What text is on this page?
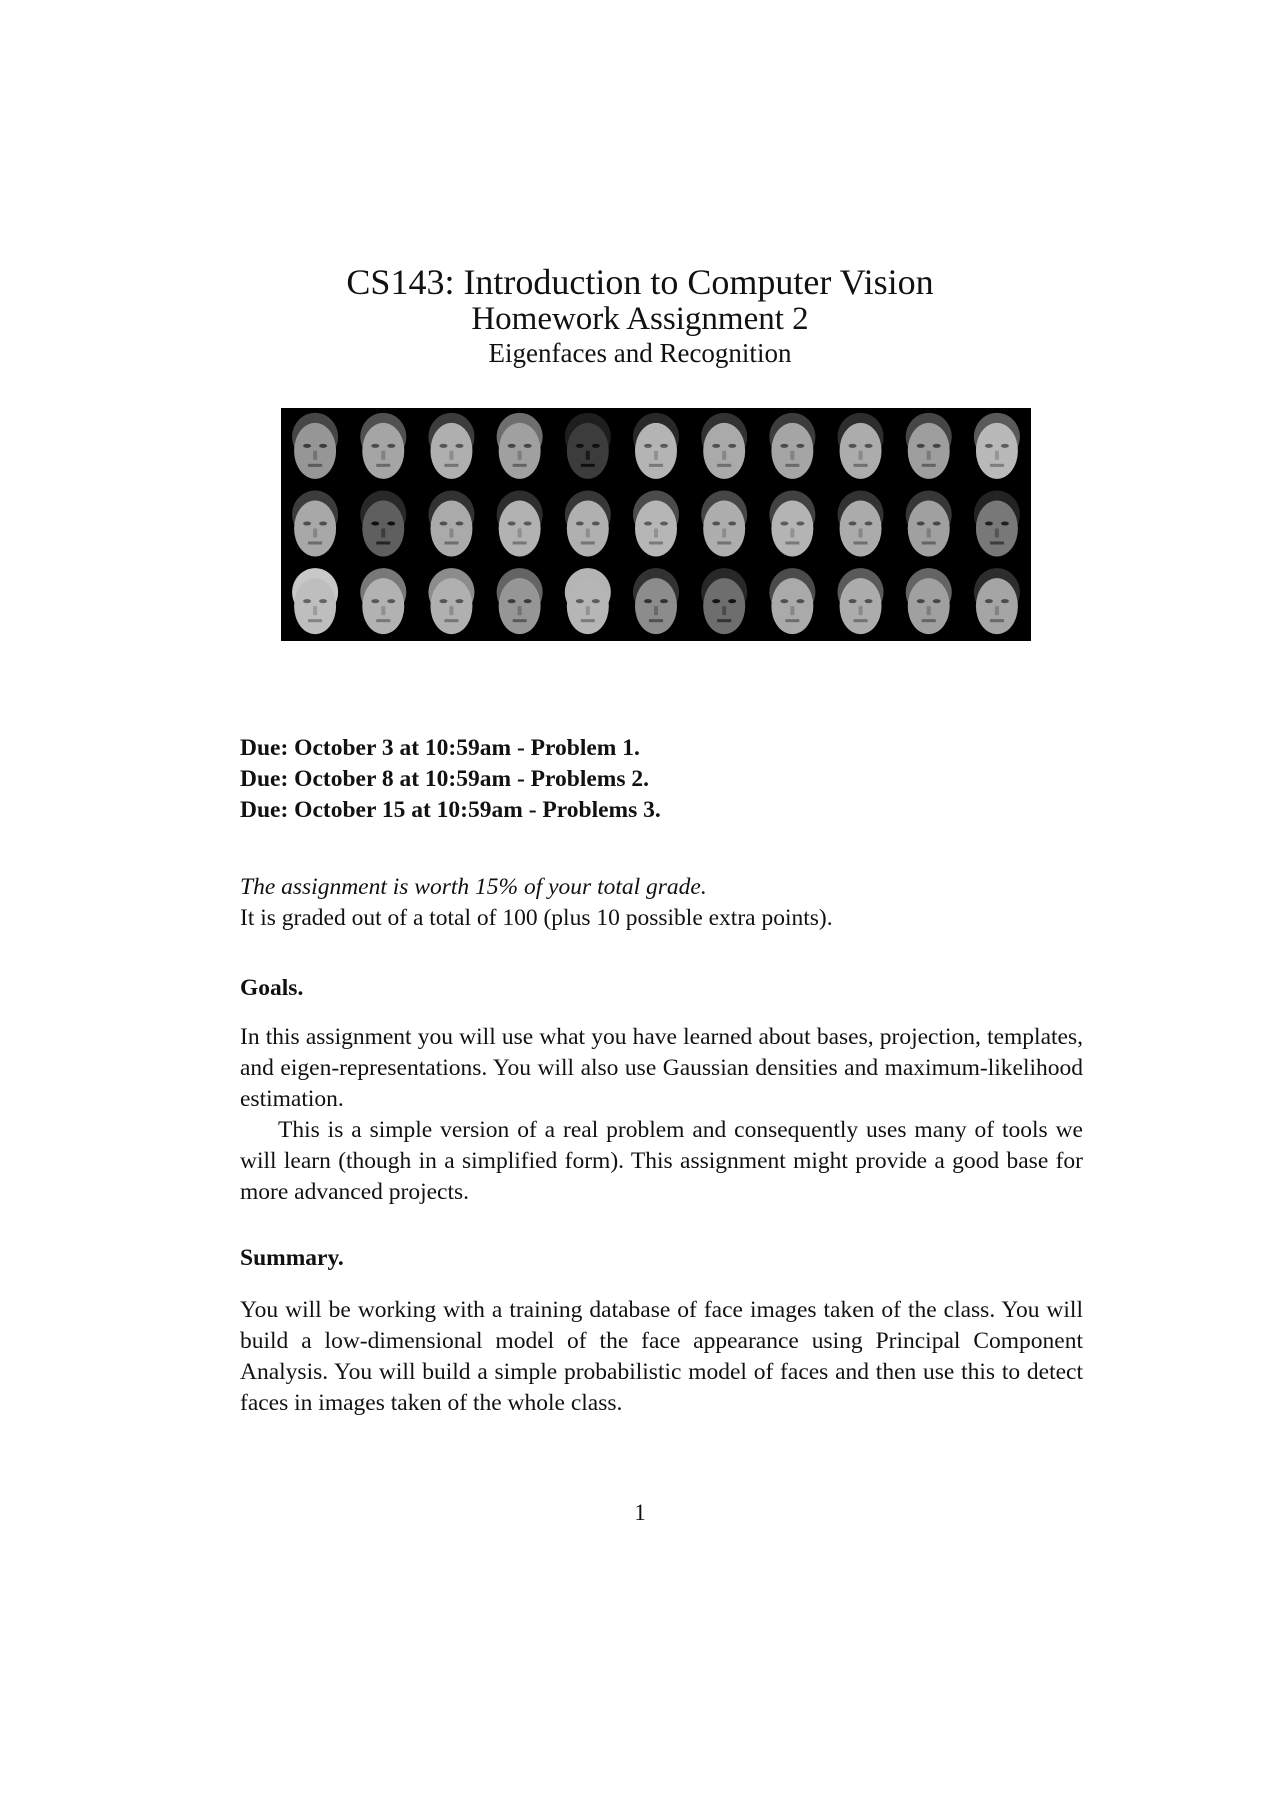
CS143: Introduction to Computer Vision

Homework Assignment 2

Eigenfaces and Recognition

Due: October 3 at 10:59am - Problem 1.
Due: October 8 at 10:59am - Problems 2.
Due: October 15 at 10:59am - Problems 3.
The assignment is worth 15% of your total grade.
It is graded out of a total of 100 (plus 10 possible extra points).
Goals.

In this assignment you will use what you have learned about bases, projection, templates, and eigen-representations. You will also use Gaussian densities and maximum-likelihood estimation.

This is a simple version of a real problem and consequently uses many of tools we will learn (though in a simplified form). This assignment might provide a good base for more advanced projects.

Summary.

You will be working with a training database of face images taken of the class. You will build a low-dimensional model of the face appearance using Principal Component Analysis. You will build a simple probabilistic model of faces and then use this to detect faces in images taken of the whole class.

1
